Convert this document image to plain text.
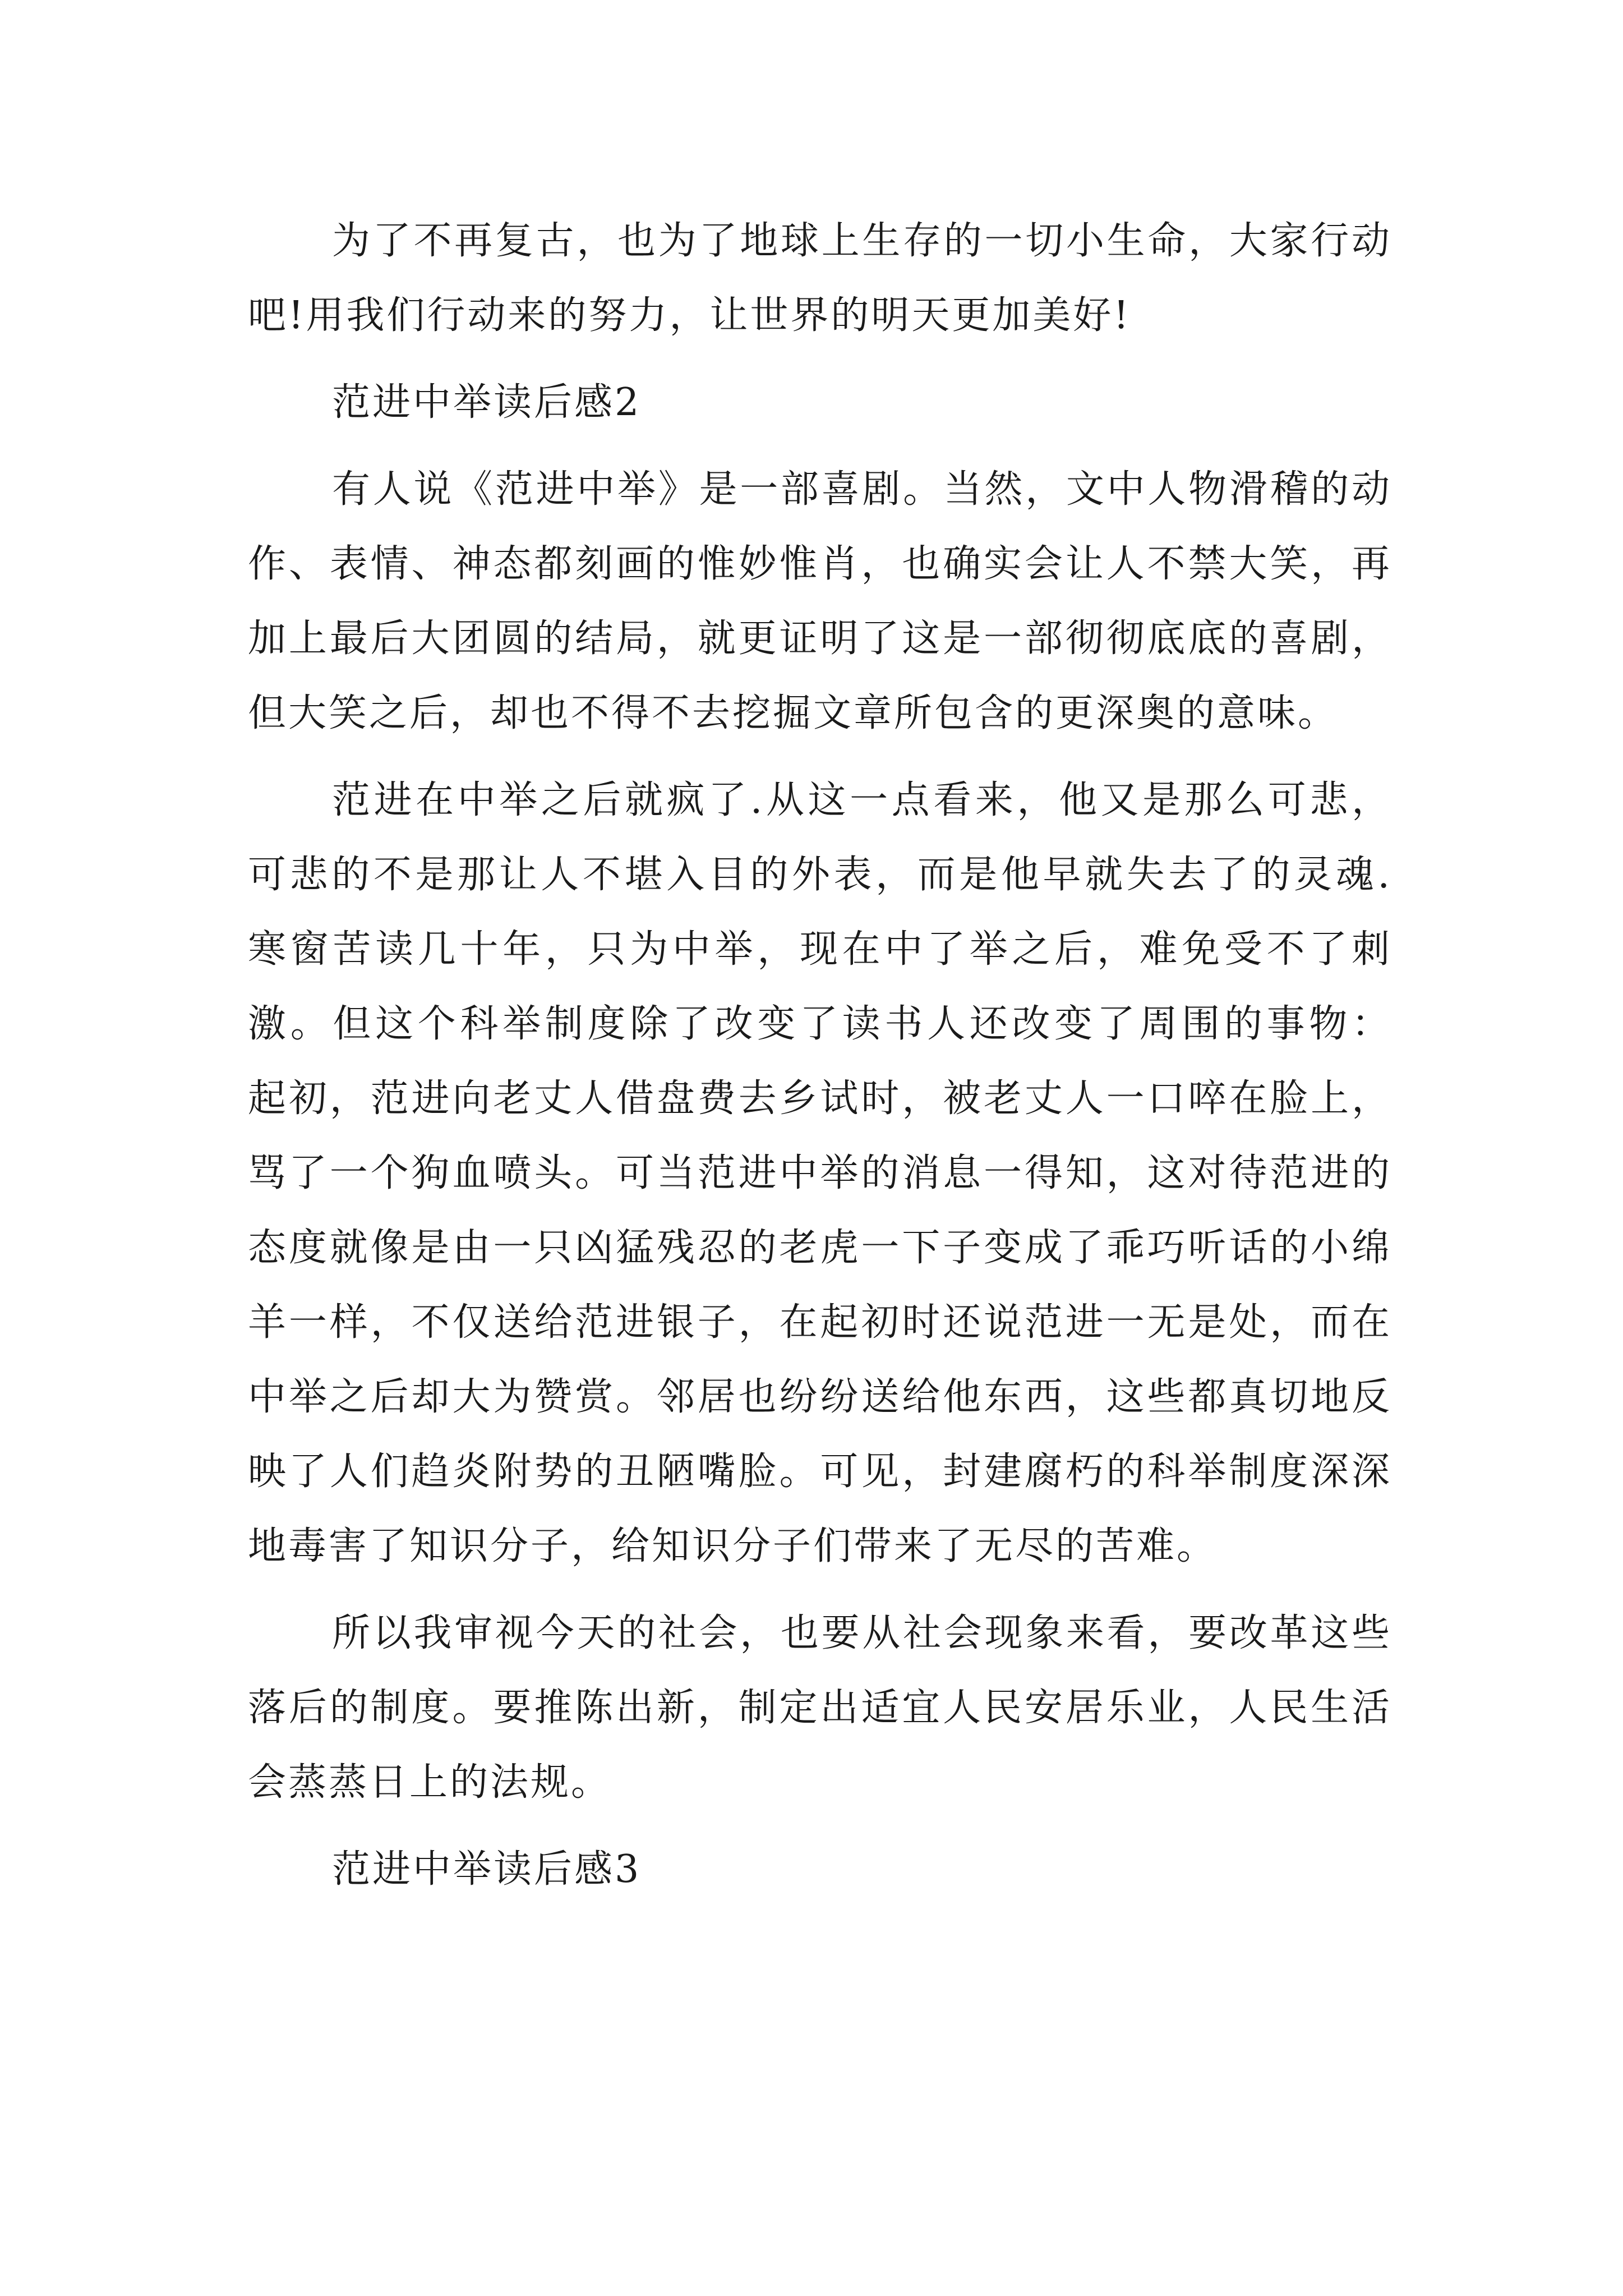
为了不再复古，也为了地球上生存的一切小生命，大家行动吧!用我们行动来的努力，让世界的明天更加美好!

范进中举读后感2

有人说《范进中举》是一部喜剧。当然，文中人物滑稽的动作、表情、神态都刻画的惟妙惟肖，也确实会让人不禁大笑，再加上最后大团圆的结局，就更证明了这是一部彻彻底底的喜剧，但大笑之后，却也不得不去挖掘文章所包含的更深奥的意味。

范进在中举之后就疯了.从这一点看来，他又是那么可悲，可悲的不是那让人不堪入目的外表，而是他早就失去了的灵魂.寒窗苦读几十年，只为中举，现在中了举之后，难免受不了刺激。但这个科举制度除了改变了读书人还改变了周围的事物： 起初，范进向老丈人借盘费去乡试时，被老丈人一口啐在脸上，骂了一个狗血喷头。可当范进中举的消息一得知，这对待范进的态度就像是由一只凶猛残忍的老虎一下子变成了乖巧听话的小绵羊一样，不仅送给范进银子，在起初时还说范进一无是处，而在中举之后却大为赞赏。邻居也纷纷送给他东西，这些都真切地反映了人们趋炎附势的丑陋嘴脸。可见，封建腐朽的科举制度深深地毒害了知识分子，给知识分子们带来了无尽的苦难。

所以我审视今天的社会，也要从社会现象来看，要改革这些落后的制度。要推陈出新，制定出适宜人民安居乐业，人民生活会蒸蒸日上的法规。

范进中举读后感3
